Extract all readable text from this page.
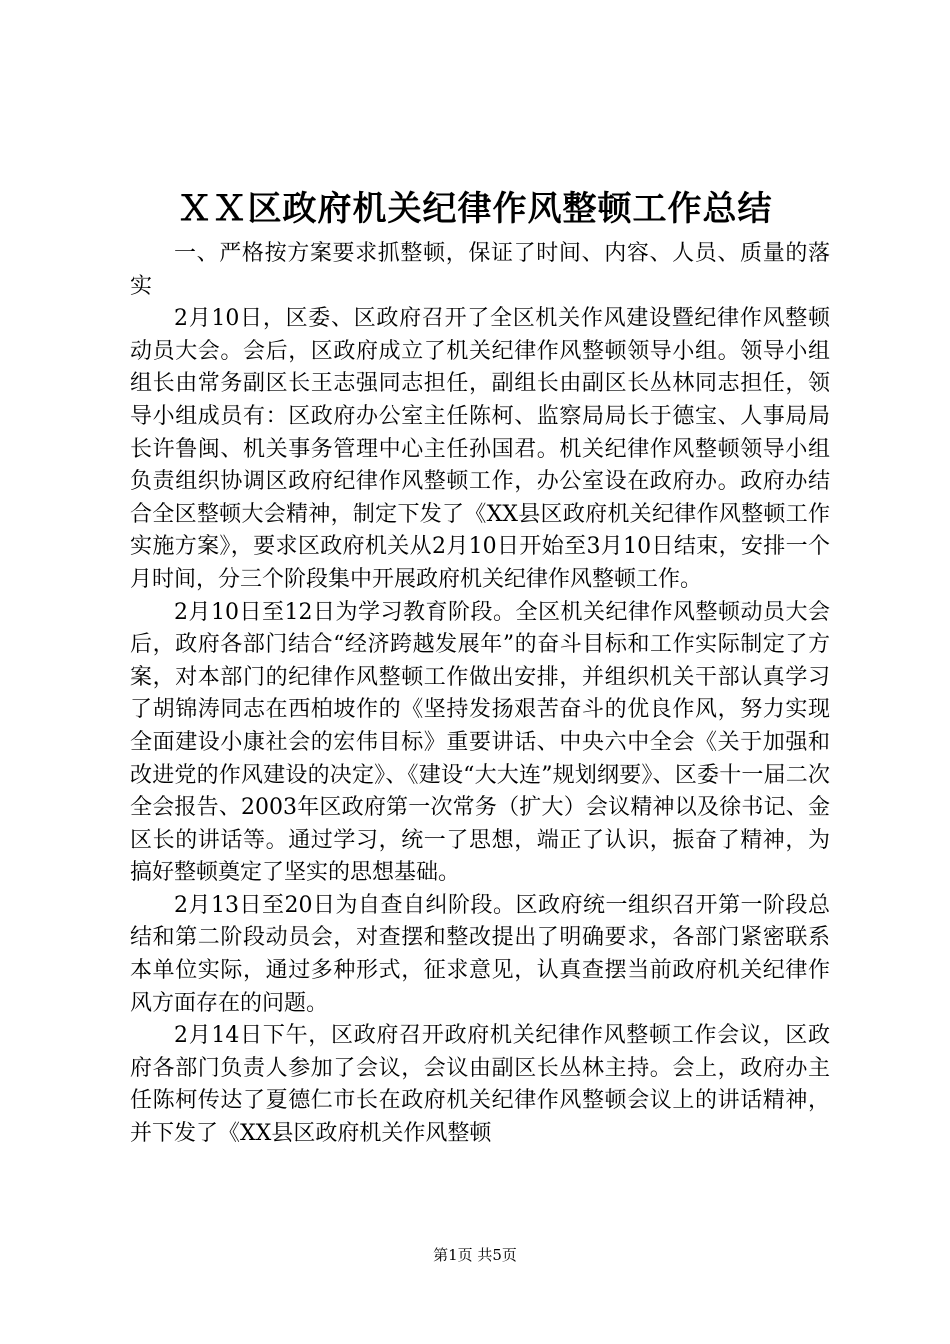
ＸＸ区政府机关纪律作风整顿工作总结

一、严格按方案要求抓整顿，保证了时间、内容、人员、质量的落实

2月10日，区委、区政府召开了全区机关作风建设暨纪律作风整顿动员大会。会后，区政府成立了机关纪律作风整顿领导小组。领导小组组长由常务副区长王志强同志担任，副组长由副区长丛林同志担任，领导小组成员有：区政府办公室主任陈柯、监察局局长于德宝、人事局局长许鲁闽、机关事务管理中心主任孙国君。机关纪律作风整顿领导小组负责组织协调区政府纪律作风整顿工作，办公室设在政府办。政府办结合全区整顿大会精神，制定下发了《XX县区政府机关纪律作风整顿工作实施方案》，要求区政府机关从2月10日开始至3月10日结束，安排一个月时间，分三个阶段集中开展政府机关纪律作风整顿工作。

2月10日至12日为学习教育阶段。全区机关纪律作风整顿动员大会后，政府各部门结合“经济跨越发展年”的奋斗目标和工作实际制定了方案，对本部门的纪律作风整顿工作做出安排，并组织机关干部认真学习了胡锦涛同志在西柏坡作的《坚持发扬艰苦奋斗的优良作风，努力实现全面建设小康社会的宏伟目标》重要讲话、中央六中全会《关于加强和改进党的作风建设的决定》、《建设“大大连”规划纲要》、区委十一届二次全会报告、2003年区政府第一次常务（扩大）会议精神以及徐书记、金区长的讲话等。通过学习，统一了思想，端正了认识，振奋了精神，为搞好整顿奠定了坚实的思想基础。

2月13日至20日为自查自纠阶段。区政府统一组织召开第一阶段总结和第二阶段动员会，对查摆和整改提出了明确要求，各部门紧密联系本单位实际，通过多种形式，征求意见，认真查摆当前政府机关纪律作风方面存在的问题。

2月14日下午，区政府召开政府机关纪律作风整顿工作会议，区政府各部门负责人参加了会议，会议由副区长丛林主持。会上，政府办主任陈柯传达了夏德仁市长在政府机关纪律作风整顿会议上的讲话精神，并下发了《XX县区政府机关作风整顿

第1页 共5页
